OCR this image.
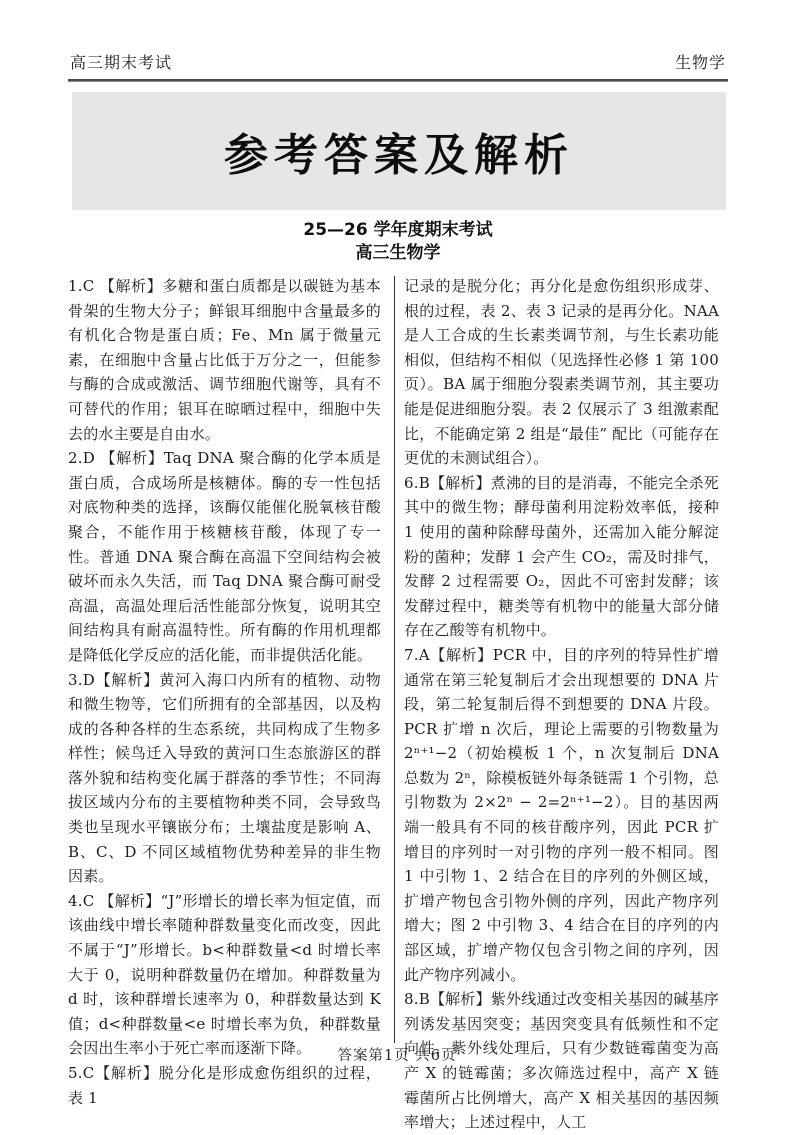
高三期末考试	生物学
参考答案及解析
25—26 学年度期末考试
高三生物学

1.C 【解析】多糖和蛋白质都是以碳链为基本骨架的生物大分子；鲜银耳细胞中含量最多的有机化合物是蛋白质；Fe、Mn 属于微量元素，在细胞中含量占比低于万分之一，但能参与酶的合成或激活、调节细胞代谢等，具有不可替代的作用；银耳在晾晒过程中，细胞中失去的水主要是自由水。

2.D 【解析】Taq DNA 聚合酶的化学本质是蛋白质，合成场所是核糖体。酶的专一性包括对底物种类的选择，该酶仅能催化脱氧核苷酸聚合，不能作用于核糖核苷酸，体现了专一性。普通 DNA 聚合酶在高温下空间结构会被破坏而永久失活，而 Taq DNA 聚合酶可耐受高温，高温处理后活性能部分恢复，说明其空间结构具有耐高温特性。所有酶的作用机理都是降低化学反应的活化能，而非提供活化能。

3.D【解析】黄河入海口内所有的植物、动物和微生物等，它们所拥有的全部基因，以及构成的各种各样的生态系统，共同构成了生物多样性；候鸟迁入导致的黄河口生态旅游区的群落外貌和结构变化属于群落的季节性；不同海拔区域内分布的主要植物种类不同，会导致鸟类也呈现水平镶嵌分布；土壤盐度是影响 A、B、C、D 不同区域植物优势种差异的非生物因素。

4.C 【解析】“J”形增长的增长率为恒定值，而该曲线中增长率随种群数量变化而改变，因此不属于“J”形增长。b<种群数量<d 时增长率大于 0，说明种群数量仍在增加。种群数量为 d 时，该种群增长速率为 0，种群数量达到 K 值；d<种群数量<e 时增长率为负，种群数量会因出生率小于死亡率而逐渐下降。

5.C【解析】脱分化是形成愈伤组织的过程，表 1

记录的是脱分化；再分化是愈伤组织形成芽、根的过程，表 2、表 3 记录的是再分化。NAA 是人工合成的生长素类调节剂，与生长素功能相似，但结构不相似（见选择性必修 1 第 100 页）。BA 属于细胞分裂素类调节剂，其主要功能是促进细胞分裂。表 2 仅展示了 3 组激素配比，不能确定第 2 组是“最佳” 配比（可能存在更优的未测试组合）。

6.B【解析】煮沸的目的是消毒，不能完全杀死其中的微生物；酵母菌利用淀粉效率低，接种 1 使用的菌种除酵母菌外，还需加入能分解淀粉的菌种；发酵 1 会产生 CO₂，需及时排气，发酵 2 过程需要 O₂，因此不可密封发酵；该发酵过程中，糖类等有机物中的能量大部分储存在乙酸等有机物中。

7.A【解析】PCR 中，目的序列的特异性扩增通常在第三轮复制后才会出现想要的 DNA 片段，第二轮复制后得不到想要的 DNA 片段。PCR 扩增 n 次后，理论上需要的引物数量为 2ⁿ⁺¹−2（初始模板 1 个，n 次复制后 DNA 总数为 2ⁿ，除模板链外每条链需 1 个引物，总引物数为 2×2ⁿ − 2=2ⁿ⁺¹−2）。目的基因两端一般具有不同的核苷酸序列，因此 PCR 扩增目的序列时一对引物的序列一般不相同。图 1 中引物 1、2 结合在目的序列的外侧区域，扩增产物包含引物外侧的序列，因此产物序列增大；图 2 中引物 3、4 结合在目的序列的内部区域，扩增产物仅包含引物之间的序列，因此产物序列减小。

8.B【解析】紫外线通过改变相关基因的碱基序列诱发基因突变；基因突变具有低频性和不定向性，紫外线处理后，只有少数链霉菌变为高产 X 的链霉菌；多次筛选过程中，高产 X 链霉菌所占比例增大，高产 X 相关基因的基因频率增大；上述过程中，人工

答案第1页 共6页
